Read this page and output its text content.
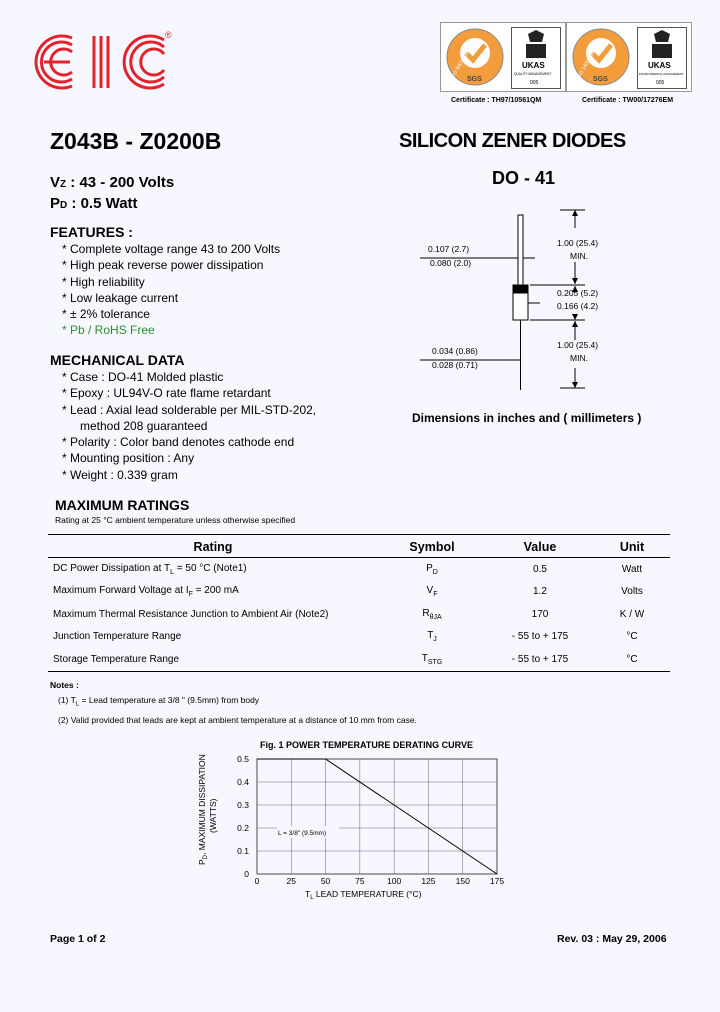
®
SGS
ISO 9001:2000	UKAS
QUALITY MANAGEMENT
005	SGS
ISO 14001:2004	UKAS
ENVIRONMENTAL MANAGEMENT
005
Certificate : TH97/10561QM	Certificate : TW00/17276EM
Z043B - Z0200B	SILICON ZENER DIODES
DO - 41
VZ : 43 - 200 Volts
PD : 0.5 Watt
FEATURES :
* Complete voltage range 43 to 200 Volts
* High peak reverse power dissipation
* High reliability
* Low leakage current
* ± 2% tolerance
* Pb / RoHS Free
MECHANICAL DATA
* Case : DO-41 Molded plastic
* Epoxy : UL94V-O rate flame retardant
* Lead : Axial lead solderable per MIL-STD-202,
method 208 guaranteed
* Polarity : Color band denotes cathode end
* Mounting position : Any
* Weight : 0.339 gram
0.107 (2.7)
0.080 (2.0)
1.00 (25.4)
MIN.
0.205 (5.2)
0.166 (4.2)
0.034 (0.86)
0.028 (0.71)
1.00 (25.4)
MIN.
Dimensions in inches and ( millimeters )
MAXIMUM RATINGS
Rating at 25 °C ambient temperature unless otherwise specified
Rating	Symbol	Value	Unit
DC Power Dissipation at $T_L = 50$ °C (Note1)	$P_D$	0.5	Watt
Maximum Forward Voltage at $I_F = 200$ mA	$V_F$	1.2	Volts
Maximum Thermal Resistance Junction to Ambient Air (Note2)	$R_{\theta JA}$	170	K / W
Junction Temperature Range	$T_J$	- 55 to + 175	°C
Storage Temperature Range	$T_{STG}$	- 55 to + 175	°C
Notes :
(1) $T_L$ = Lead temperature at 3/8 " (9.5mm) from body
(2) Valid provided that leads are kept at ambient temperature at a distance of 10 mm from case.
Fig. 1 POWER TEMPERATURE DERATING CURVE
0	25	50	75	100 125 150 175
0
0.1
0.2
0.3
0.4
0.5
$P_D$, MAXIMUM DISSIPATION (WATTS)
$T_L$ LEAD TEMPERATURE (°C)
L = 3/8" (9.5mm)
Page 1 of 2	Rev. 03 : May 29, 2006
